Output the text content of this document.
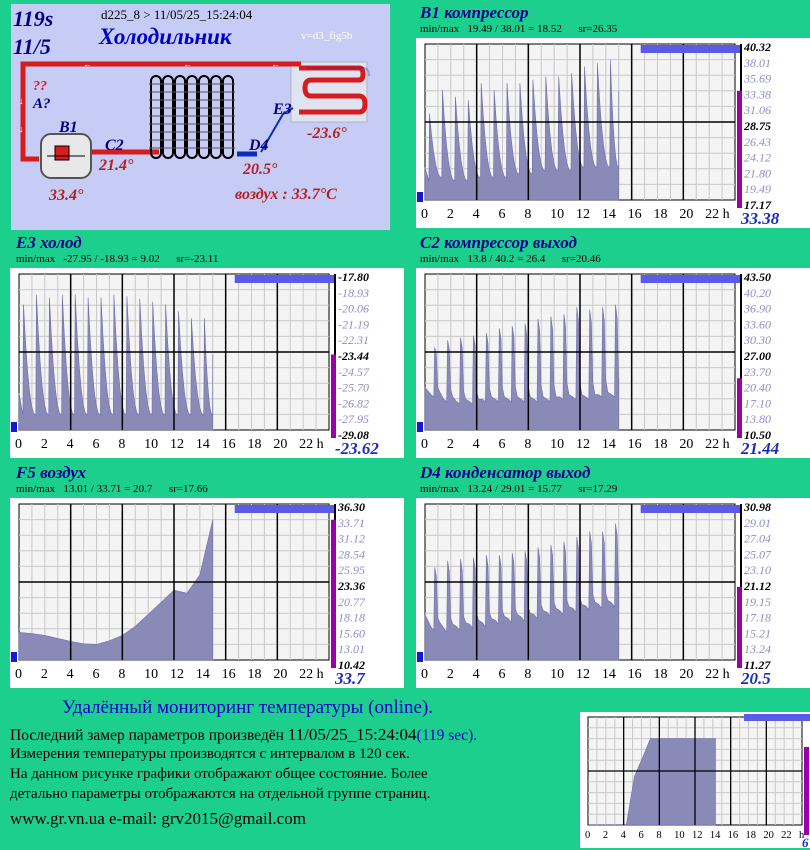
119s
11/5
d225_8 > 11/05/25_15:24:04
Холодильник	v=d3_fig5b
←	←	←
↓
↓
??
A?
B1
33.4°
C2
21.4°
D4
20.5°
E3
-23.6°
воздух : 33.7°C
B1 компрессор
min/max   19.49 / 38.01 = 18.52      sr=26.35
40.32
38.01
35.69
33.38
31.06
28.75
26.43
24.12
21.80
19.49
17.17
0 2 4 6 8 10 12 14 16 18 20 22 h 33.38
E3 холод
min/max   -27.95 / -18.93 = 9.02      sr=-23.11
-17.80
-18.93
-20.06
-21.19
-22.31
-23.44
-24.57
-25.70
-26.82
-27.95
-29.08
0 2 4 6 8 10 12 14 16 18 20 22 h -23.62
C2 компрессор выход
min/max   13.8 / 40.2 = 26.4      sr=20.46
43.50
40.20
36.90
33.60
30.30
27.00
23.70
20.40
17.10
13.80
10.50
0 2 4 6 8 10 12 14 16 18 20 22 h 21.44
F5 воздух
min/max   13.01 / 33.71 = 20.7      sr=17.66
36.30
33.71
31.12
28.54
25.95
23.36
20.77
18.18
15.60
13.01
10.42
0 2 4 6 8 10 12 14 16 18 20 22 h 33.7
D4 конденсатор выход
min/max   13.24 / 29.01 = 15.77      sr=17.29
30.98
29.01
27.04
25.07
23.10
21.12
19.15
17.18
15.21
13.24
11.27
0 2 4 6 8 10 12 14 16 18 20 22 h 20.5
0 2 4 6 8 10 12 14 16 18 20 22 h
6
Удалённый мониторинг температуры (online).
Последний замер параметров произведён 11/05/25_15:24:04(119 sec).
Измерения температуры производятся с интервалом в 120 сек.
На данном рисунке графики отображают общее состояние. Более
детально параметры отображаются на отдельной группе страниц.
www.gr.vn.ua e-mail: grv2015@gmail.com
